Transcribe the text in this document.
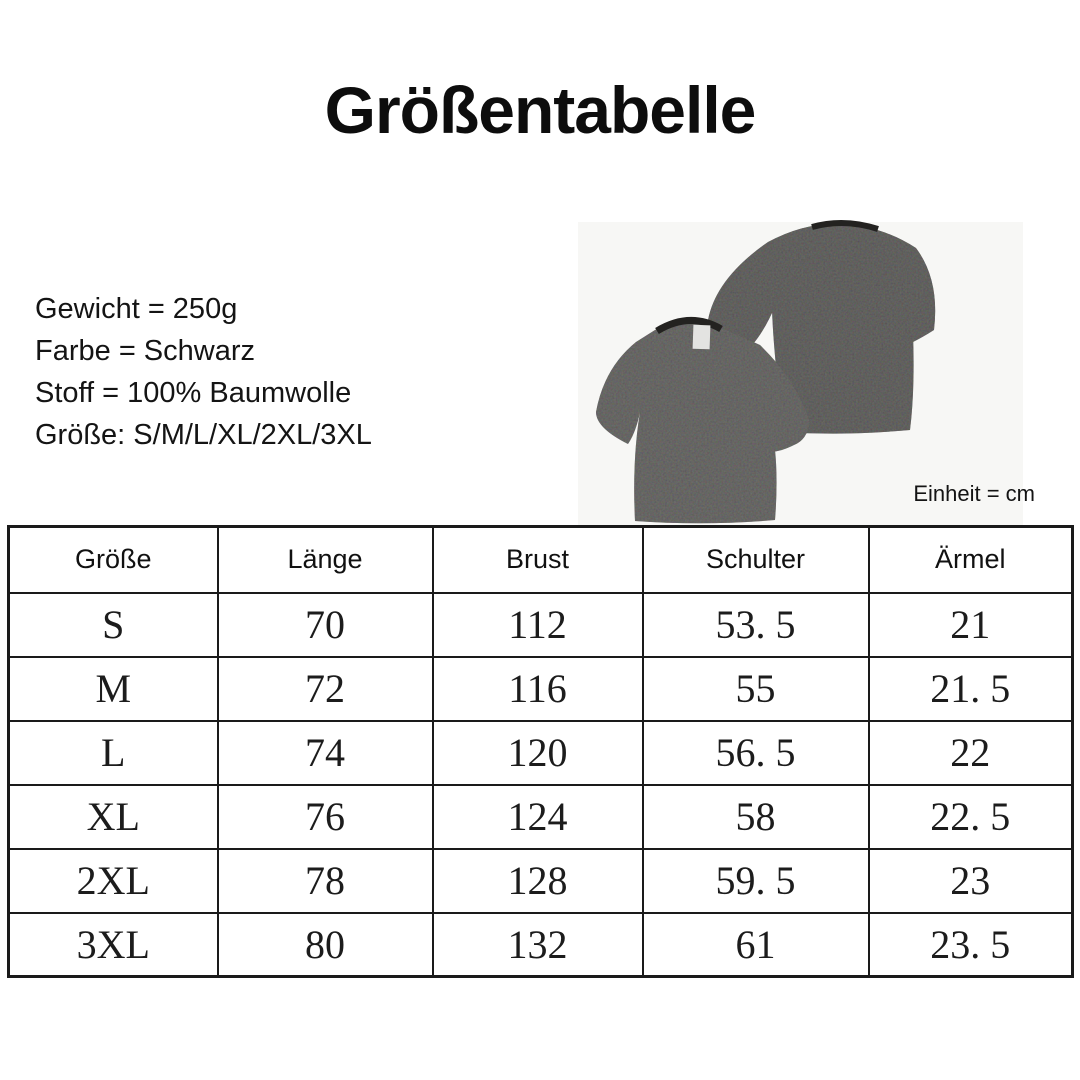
Größentabelle
Gewicht = 250g
Farbe = Schwarz
Stoff = 100% Baumwolle
Größe: S/M/L/XL/2XL/3XL
Einheit = cm
Größe	Länge	Brust	Schulter	Ärmel
S	70	112	53. 5	21
M	72	116	55	21. 5
L	74	120	56. 5	22
XL	76	124	58	22. 5
2XL	78	128	59. 5	23
3XL	80	132	61	23. 5
